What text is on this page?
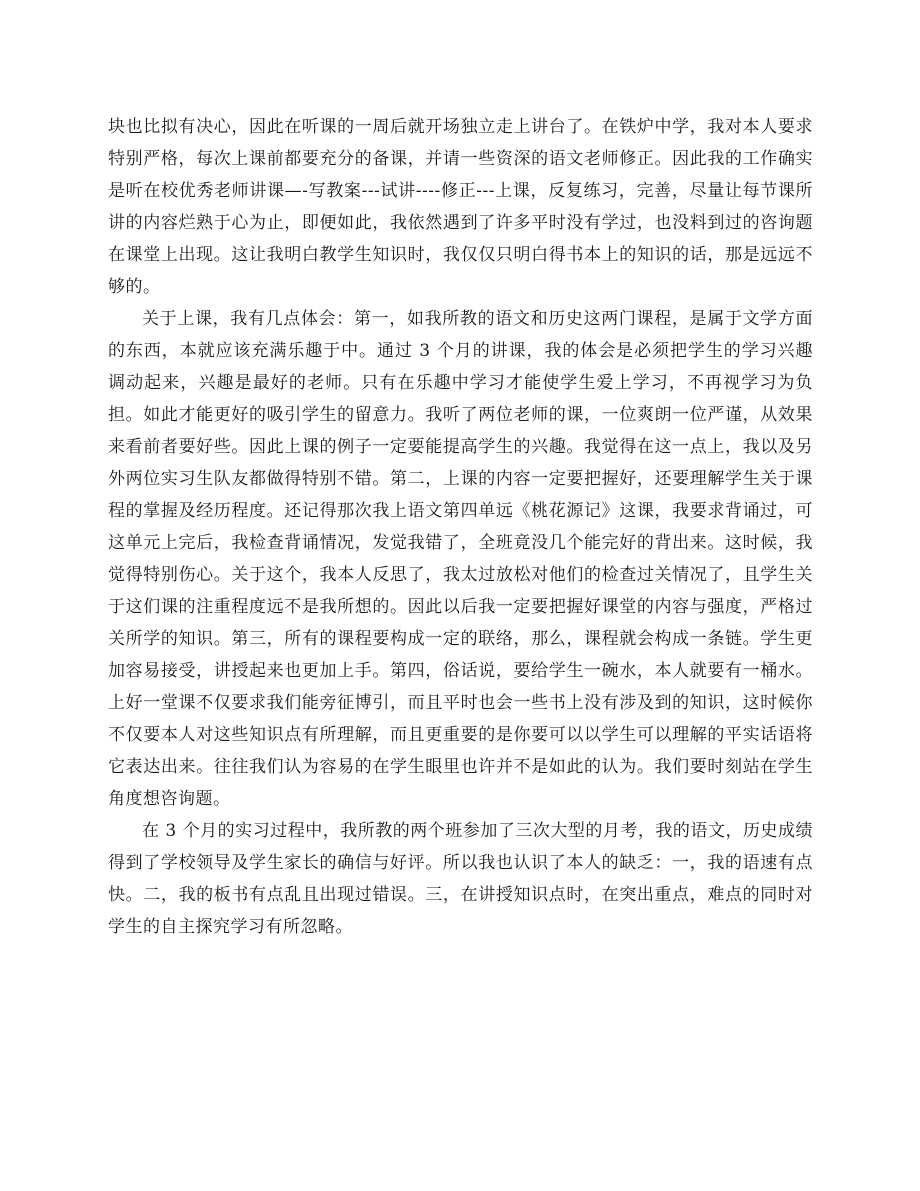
块也比拟有决心，因此在听课的一周后就开场独立走上讲台了。在铁炉中学，我对本人要求特别严格，每次上课前都要充分的备课，并请一些资深的语文老师修正。因此我的工作确实是听在校优秀老师讲课—-写教案---试讲----修正---上课，反复练习，完善，尽量让每节课所讲的内容烂熟于心为止，即便如此，我依然遇到了许多平时没有学过，也没料到过的咨询题在课堂上出现。这让我明白教学生知识时，我仅仅只明白得书本上的知识的话，那是远远不够的。

关于上课，我有几点体会：第一，如我所教的语文和历史这两门课程，是属于文学方面的东西，本就应该充满乐趣于中。通过 3 个月的讲课，我的体会是必须把学生的学习兴趣调动起来，兴趣是最好的老师。只有在乐趣中学习才能使学生爱上学习，不再视学习为负担。如此才能更好的吸引学生的留意力。我听了两位老师的课，一位爽朗一位严谨，从效果来看前者要好些。因此上课的例子一定要能提高学生的兴趣。我觉得在这一点上，我以及另外两位实习生队友都做得特别不错。第二，上课的内容一定要把握好，还要理解学生关于课程的掌握及经历程度。还记得那次我上语文第四单远《桃花源记》这课，我要求背诵过，可这单元上完后，我检查背诵情况，发觉我错了，全班竟没几个能完好的背出来。这时候，我觉得特别伤心。关于这个，我本人反思了，我太过放松对他们的检查过关情况了，且学生关于这们课的注重程度远不是我所想的。因此以后我一定要把握好课堂的内容与强度，严格过关所学的知识。第三，所有的课程要构成一定的联络，那么，课程就会构成一条链。学生更加容易接受，讲授起来也更加上手。第四，俗话说，要给学生一碗水，本人就要有一桶水。上好一堂课不仅要求我们能旁征博引，而且平时也会一些书上没有涉及到的知识，这时候你不仅要本人对这些知识点有所理解，而且更重要的是你要可以以学生可以理解的平实话语将它表达出来。往往我们认为容易的在学生眼里也许并不是如此的认为。我们要时刻站在学生角度想咨询题。

在 3 个月的实习过程中，我所教的两个班参加了三次大型的月考，我的语文，历史成绩得到了学校领导及学生家长的确信与好评。所以我也认识了本人的缺乏：一，我的语速有点快。二，我的板书有点乱且出现过错误。三，在讲授知识点时，在突出重点，难点的同时对学生的自主探究学习有所忽略。
